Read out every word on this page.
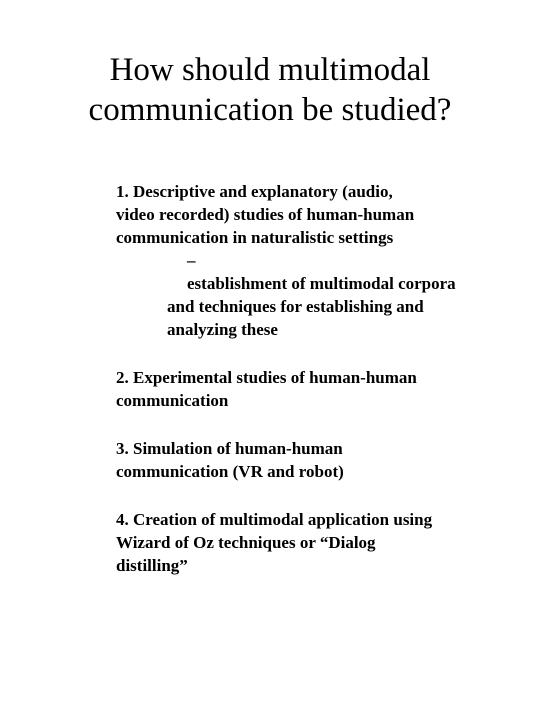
How should multimodal
communication be studied?
1. Descriptive and explanatory (audio,
video recorded) studies of human-human
communication in naturalistic settings
–
establishment of multimodal corpora
and techniques for establishing and
analyzing these
2. Experimental studies of human-human
communication
3. Simulation of human-human
communication (VR and robot)
4. Creation of multimodal application using
Wizard of Oz techniques or “Dialog
distilling”
